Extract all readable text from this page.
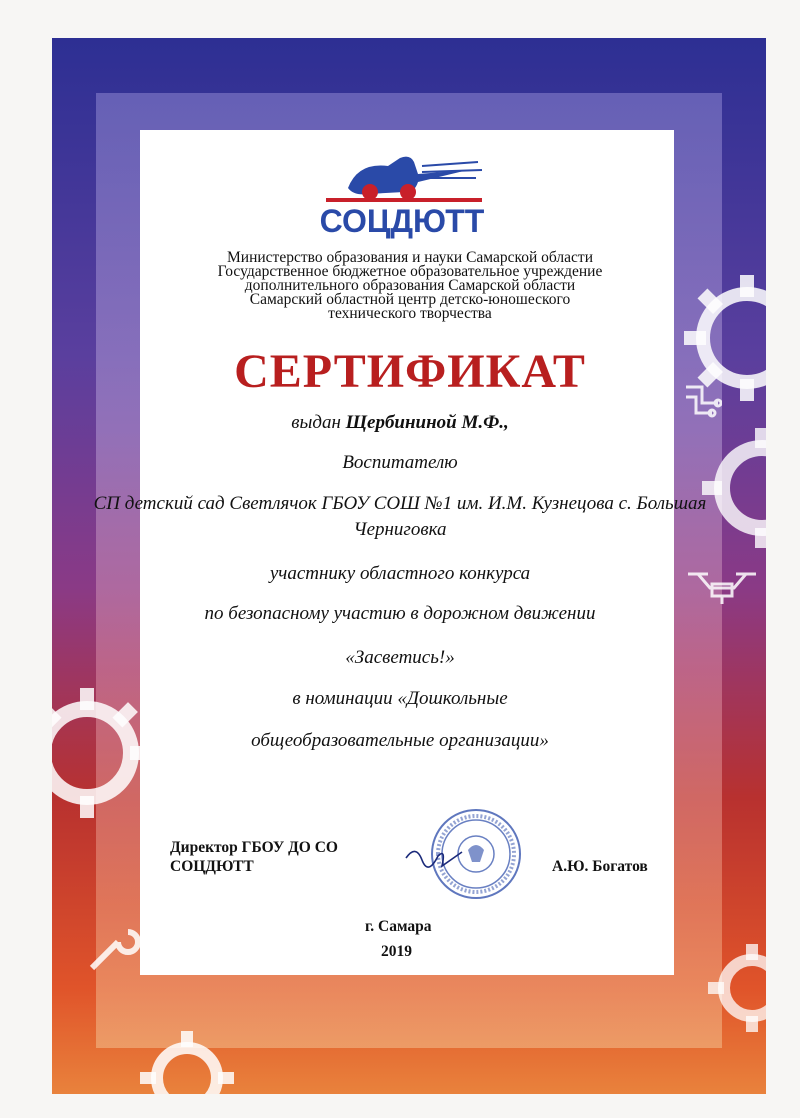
СОЦДЮТТ
Министерство образования и науки Самарской области
Государственное бюджетное образовательное учреждение
дополнительного образования Самарской области
Самарский областной центр детско-юношеского
технического творчества
СЕРТИФИКАТ
выдан Щербининой М.Ф.,
Воспитателю
СП детский сад Светлячок ГБОУ СОШ №1 им. И.М. Кузнецова с. Большая
Черниговка
участнику областного конкурса
по безопасному участию в дорожном движении
«Засветись!»
в номинации «Дошкольные
общеобразовательные организации»
Директор ГБОУ ДО СО
СОЦДЮТТ	А.Ю. Богатов
г. Самара
2019
